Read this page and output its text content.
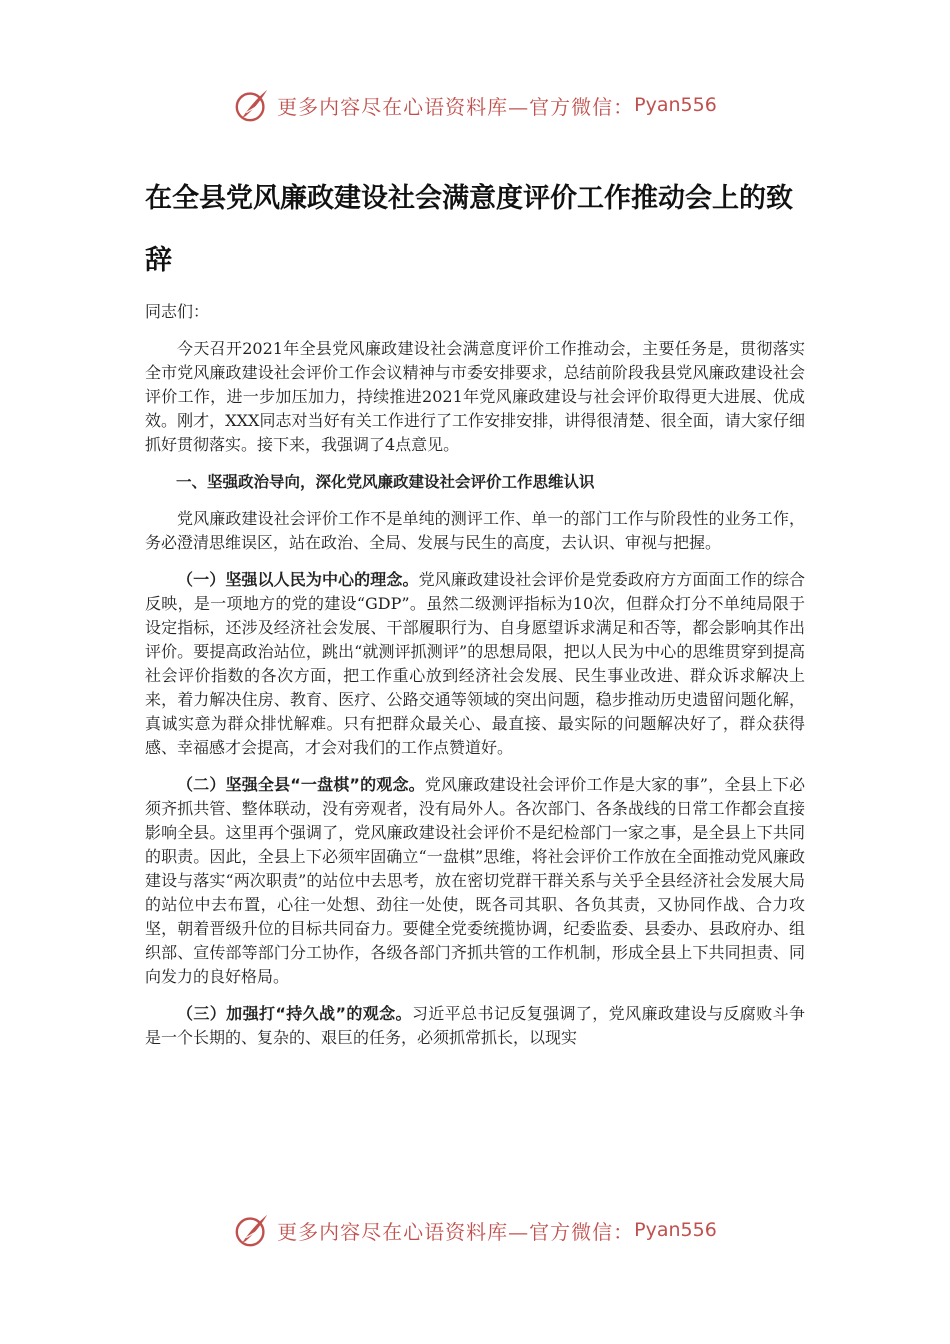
更多内容尽在心语资料库—官方微信： Pyan556
在全县党风廉政建设社会满意度评价工作推动会上的致辞

同志们：

今天召开2021年全县党风廉政建设社会满意度评价工作推动会，主要任务是，贯彻落实全市党风廉政建设社会评价工作会议精神与市委安排要求，总结前阶段我县党风廉政建设社会评价工作，进一步加压加力，持续推进2021年党风廉政建设与社会评价取得更大进展、优成效。刚才，XXX同志对当好有关工作进行了工作安排安排，讲得很清楚、很全面，请大家仔细抓好贯彻落实。接下来，我强调了4点意见。

一、坚强政治导向，深化党风廉政建设社会评价工作思维认识

党风廉政建设社会评价工作不是单纯的测评工作、单一的部门工作与阶段性的业务工作，务必澄清思维误区，站在政治、全局、发展与民生的高度，去认识、审视与把握。

（一）坚强以人民为中心的理念。党风廉政建设社会评价是党委政府方方面面工作的综合反映，是一项地方的党的建设“GDP”。虽然二级测评指标为10次，但群众打分不单纯局限于设定指标，还涉及经济社会发展、干部履职行为、自身愿望诉求满足和否等，都会影响其作出评价。要提高政治站位，跳出“就测评抓测评”的思想局限，把以人民为中心的思维贯穿到提高社会评价指数的各次方面，把工作重心放到经济社会发展、民生事业改进、群众诉求解决上来，着力解决住房、教育、医疗、公路交通等领域的突出问题，稳步推动历史遗留问题化解，真诚实意为群众排忧解难。只有把群众最关心、最直接、最实际的问题解决好了，群众获得感、幸福感才会提高，才会对我们的工作点赞道好。

（二）坚强全县“一盘棋”的观念。党风廉政建设社会评价工作是大家的事”，全县上下必须齐抓共管、整体联动，没有旁观者，没有局外人。各次部门、各条战线的日常工作都会直接影响全县。这里再个强调了，党风廉政建设社会评价不是纪检部门一家之事，是全县上下共同的职责。因此，全县上下必须牢固确立“一盘棋”思维，将社会评价工作放在全面推动党风廉政建设与落实“两次职责”的站位中去思考，放在密切党群干群关系与关乎全县经济社会发展大局的站位中去布置，心往一处想、劲往一处使，既各司其职、各负其责，又协同作战、合力攻坚，朝着晋级升位的目标共同奋力。要健全党委统揽协调，纪委监委、县委办、县政府办、组织部、宣传部等部门分工协作，各级各部门齐抓共管的工作机制，形成全县上下共同担责、同向发力的良好格局。

（三）加强打“持久战”的观念。习近平总书记反复强调了，党风廉政建设与反腐败斗争是一个长期的、复杂的、艰巨的任务，必须抓常抓长，以现实

更多内容尽在心语资料库—官方微信： Pyan556
